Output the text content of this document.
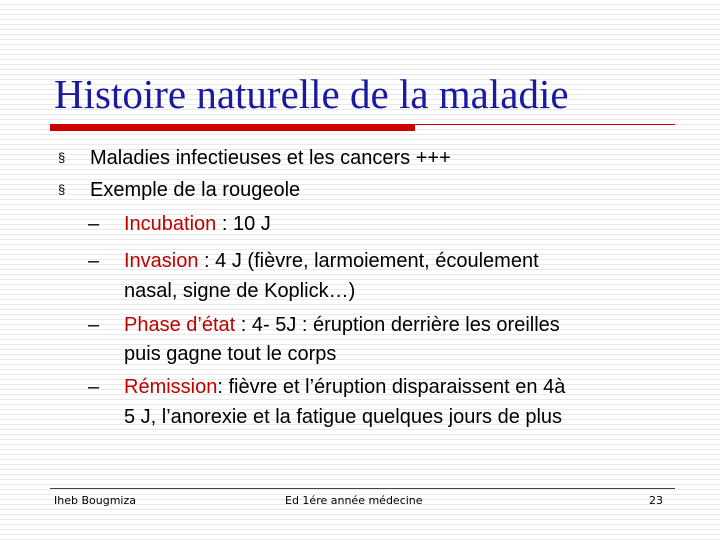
Histoire naturelle de la maladie
§ Maladies infectieuses et les cancers +++
§ Exemple de la rougeole
– Incubation : 10 J
– Invasion : 4 J (fièvre, larmoiement, écoulement
nasal, signe de Koplick…)
– Phase d’état : 4- 5J : éruption derrière les oreilles
puis gagne tout le corps
– Rémission: fièvre et l’éruption disparaissent en 4à
5 J, l’anorexie et la fatigue quelques jours de plus
Iheb Bougmiza	Ed 1ére année médecine	23
